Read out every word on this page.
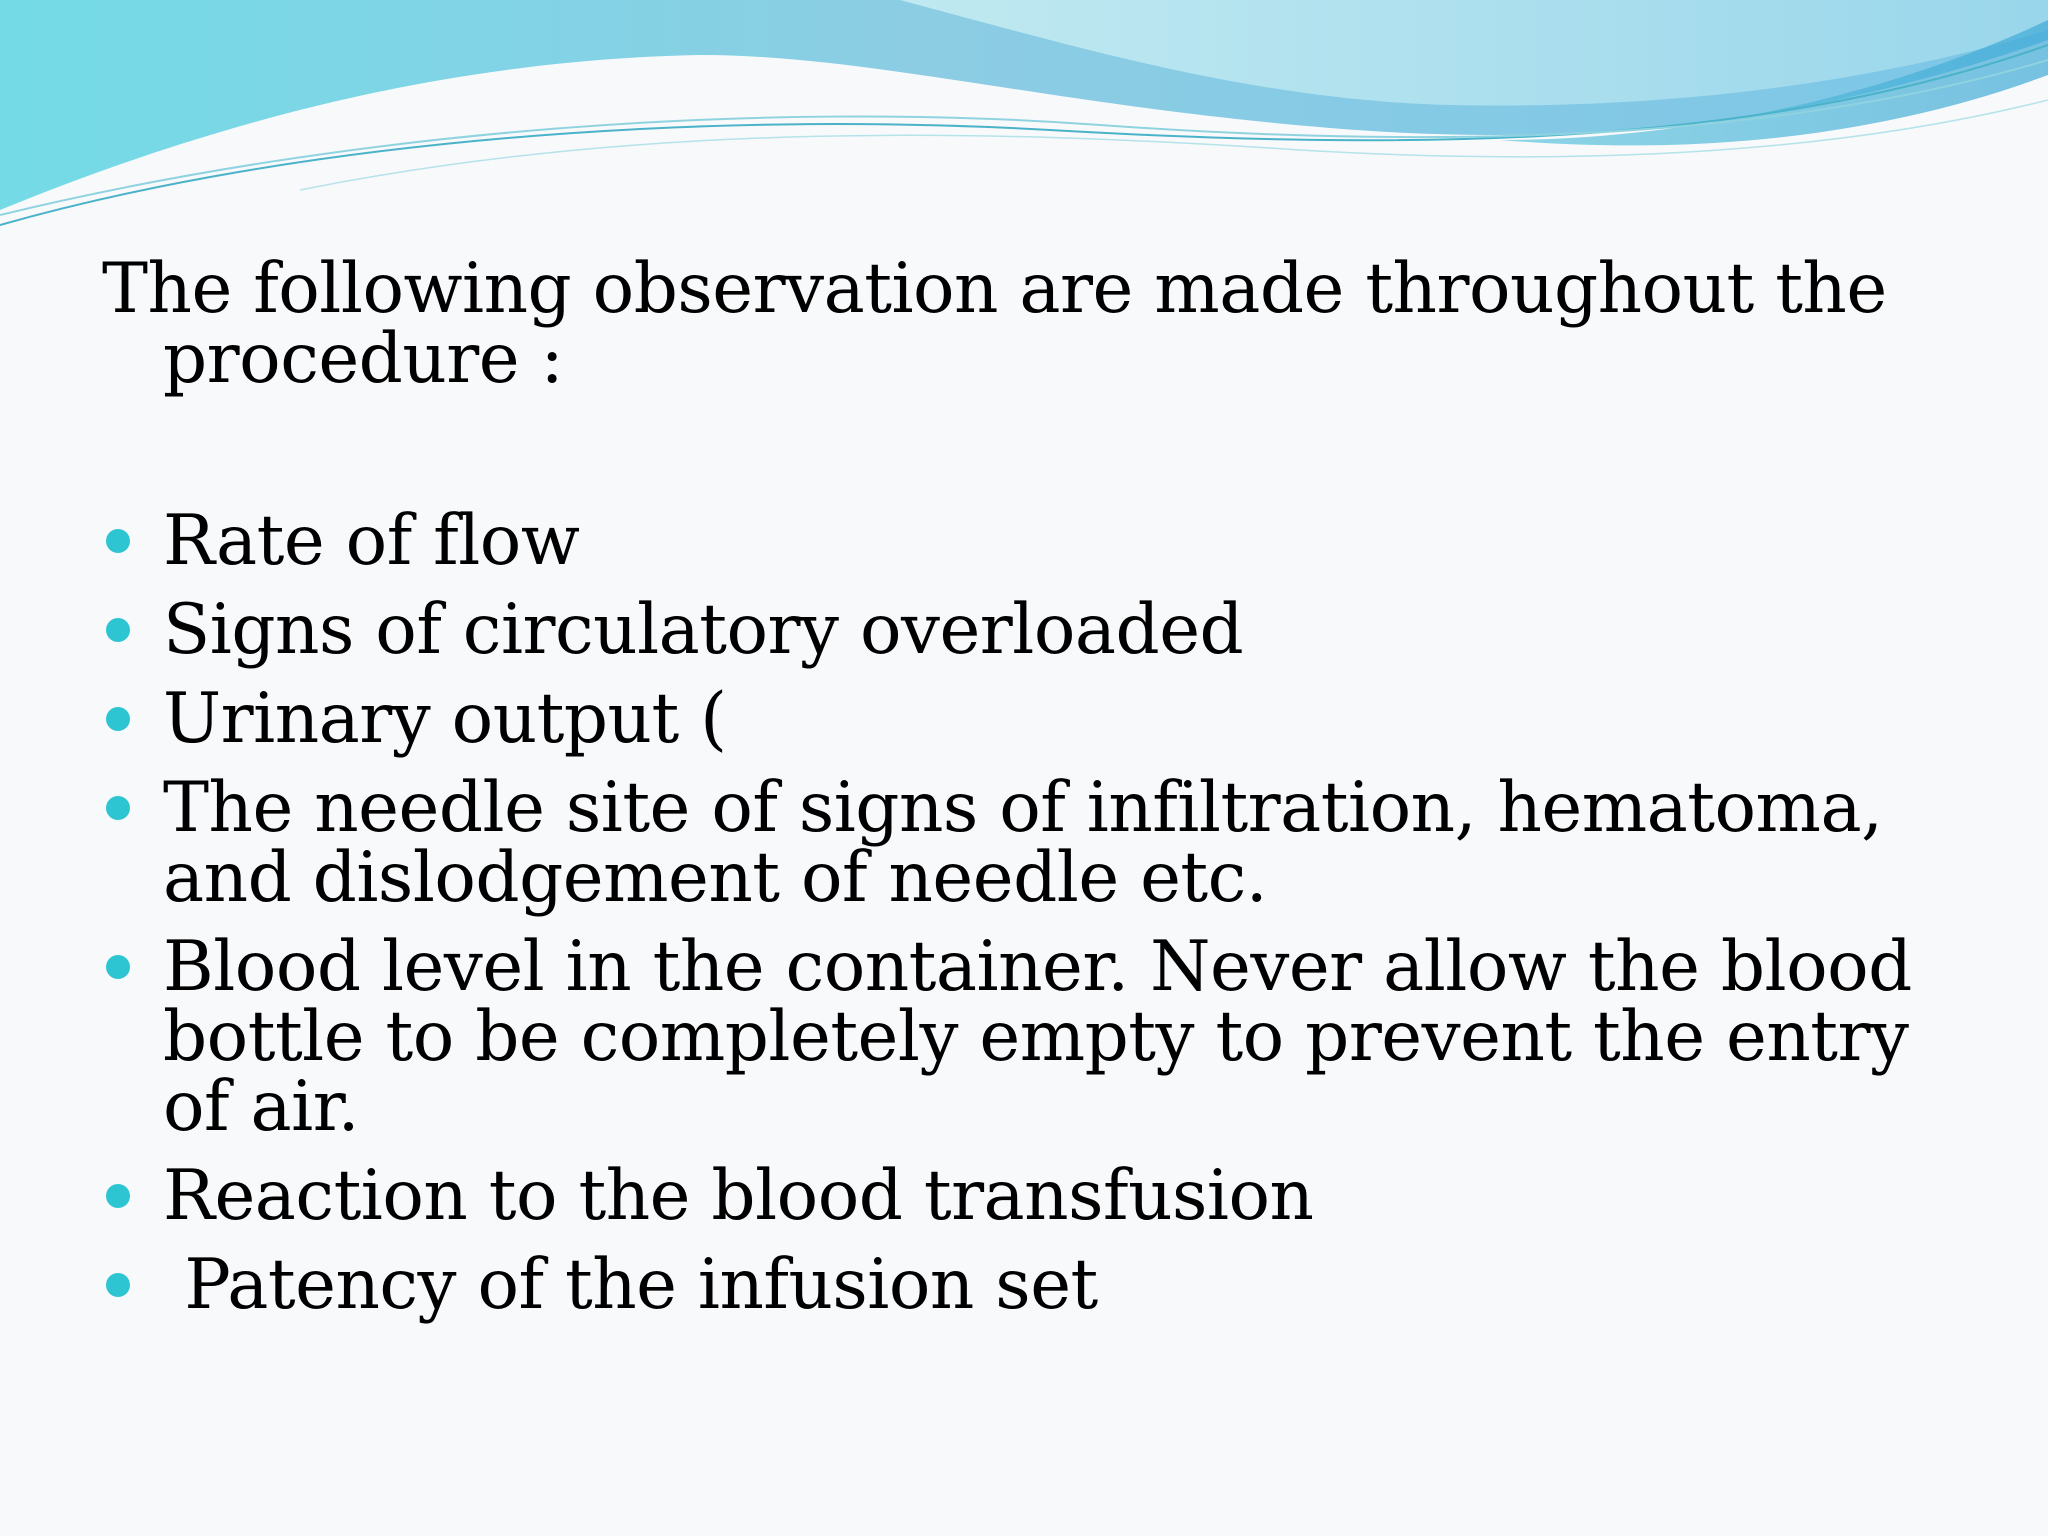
The following observation are made throughout the procedure :
Rate of flow
Signs of circulatory overloaded
Urinary output (
The needle site of signs of infiltration, hematoma, and dislodgement of needle etc.
Blood level in the container. Never allow the blood bottle to be completely empty to prevent the entry of air.
Reaction to the blood transfusion
Patency of the infusion set
